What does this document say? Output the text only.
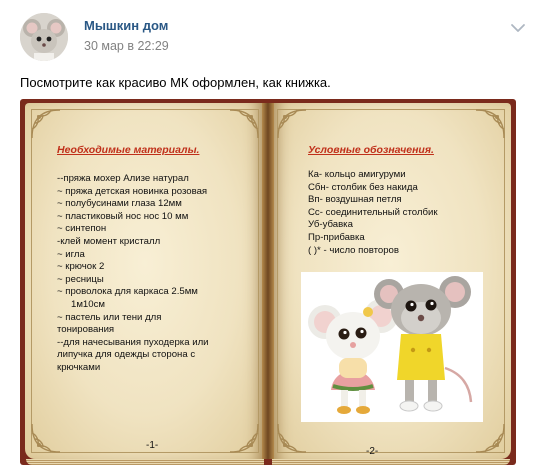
Мышкин дом
30 мар в 22:29
Посмотрите как красиво МК оформлен, как книжка.
Необходимые материалы.
--пряжа мохер Ализе натурал
~ пряжа детская новинка розовая
~ полубусинами глаза 12мм
~ пластиковый нос нос 10 мм
~ синтепон
-клей момент кристалл
~ игла
~ крючок 2
~ ресницы
~ проволока для каркаса 2.5мм
1м10см
~ пастель или тени для
тонирования
--для начесывания пуходерка или
липучка для одежды сторона с
крючками
-1-
Условные обозначения.
Ка- кольцо амигуруми
Сбн- столбик без накида
Вп- воздушная петля
Сс- соединительный столбик
Уб-убавка
Пр-прибавка
( )* - число повторов
-2-
